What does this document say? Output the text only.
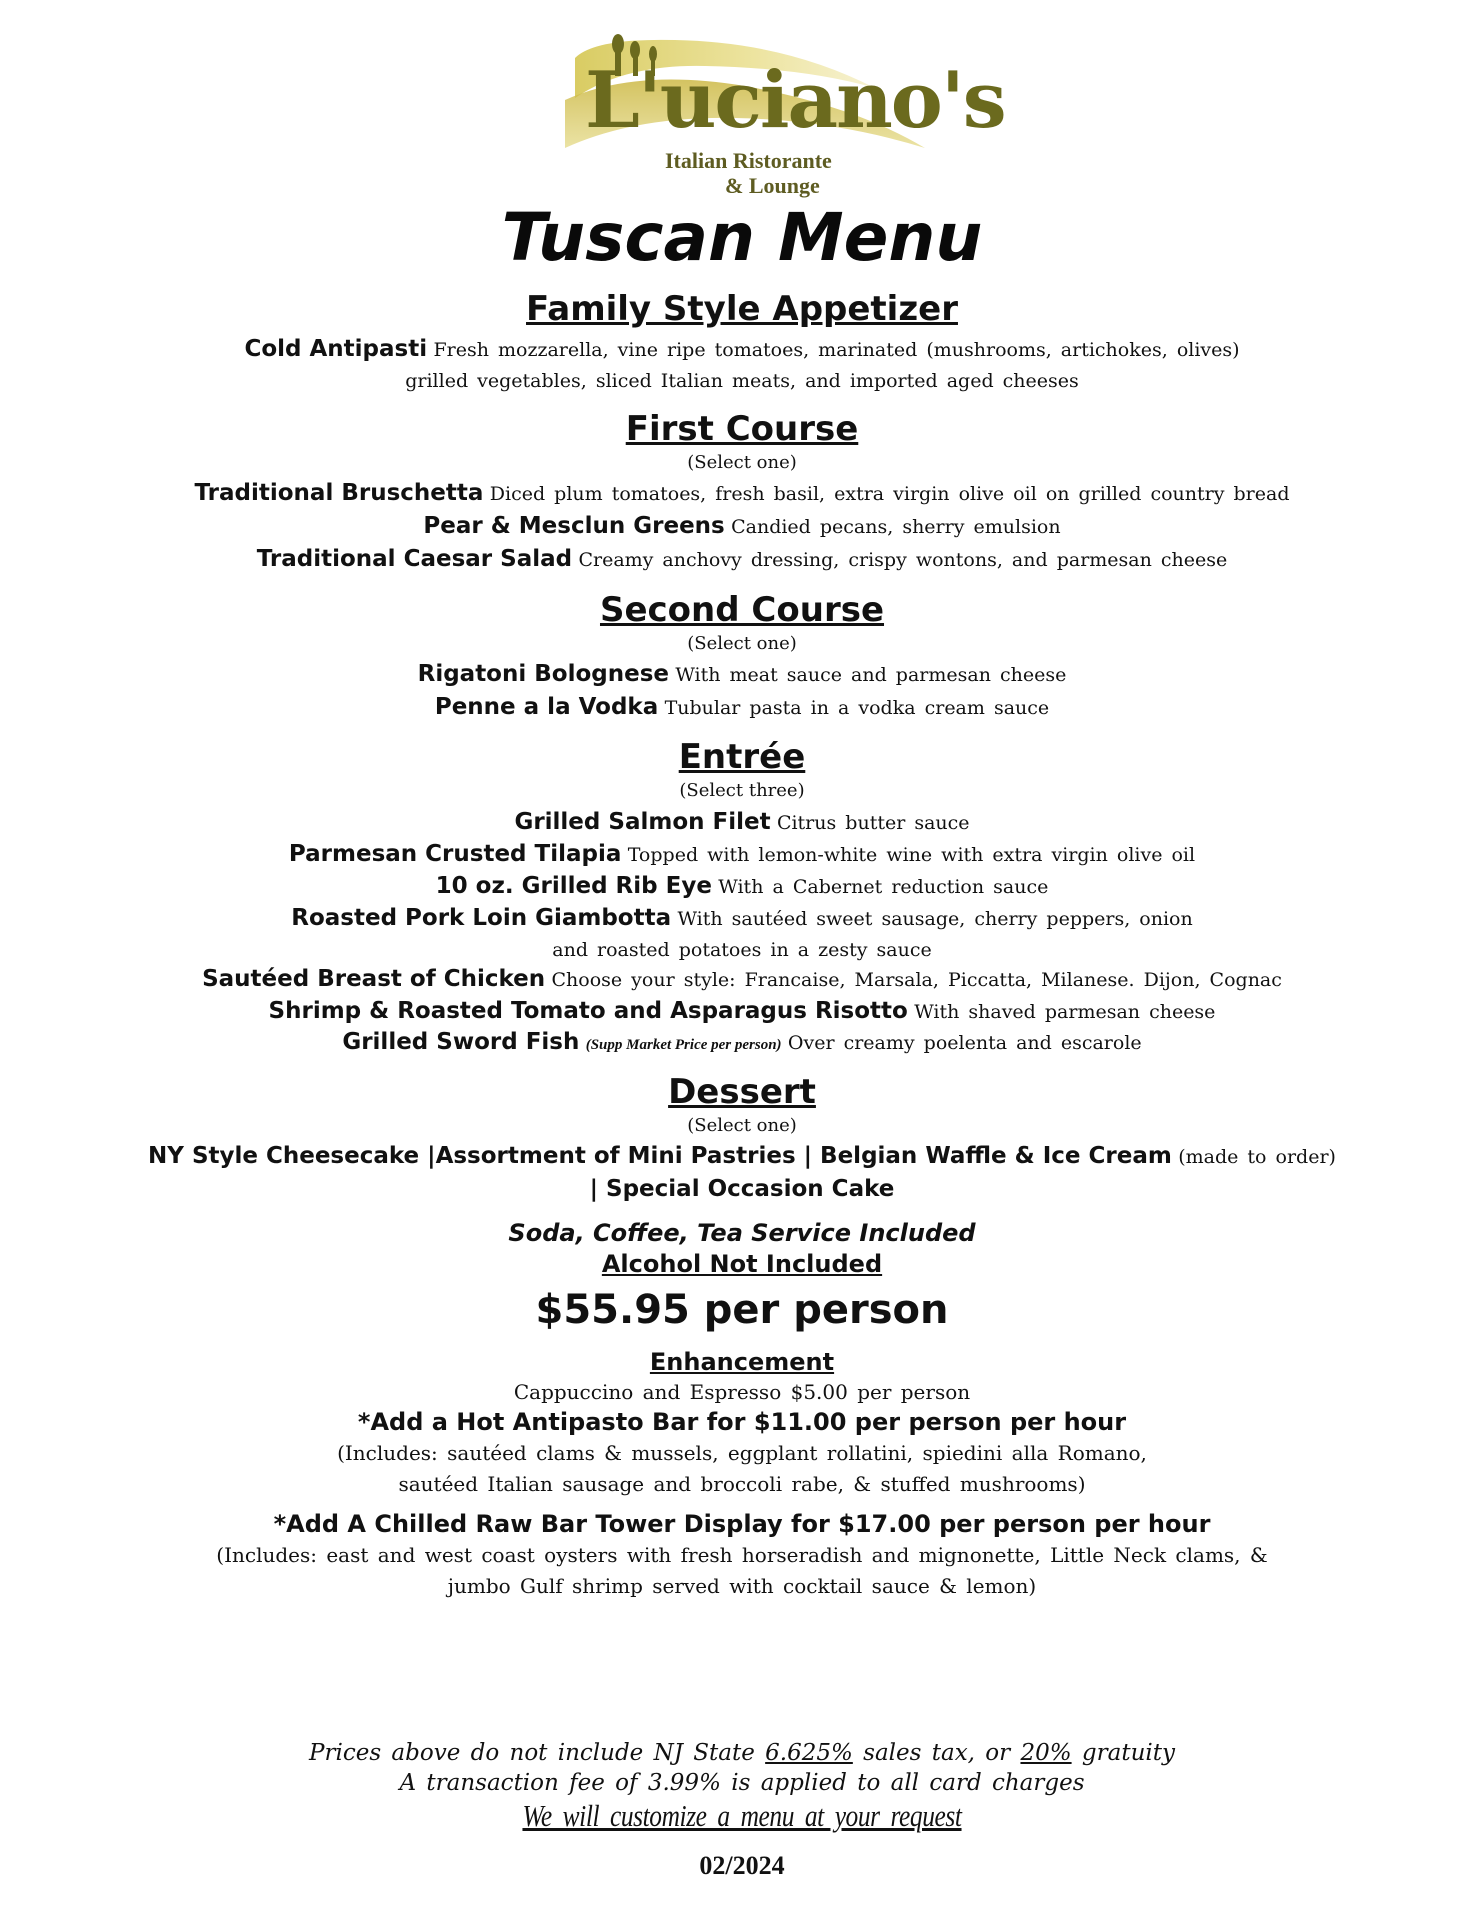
L'uciano's
Italian Ristorante
& Lounge
Tuscan Menu
Family Style Appetizer
Cold Antipasti Fresh mozzarella, vine ripe tomatoes, marinated (mushrooms, artichokes, olives)
grilled vegetables, sliced Italian meats, and imported aged cheeses
First Course
(Select one)
Traditional Bruschetta Diced plum tomatoes, fresh basil, extra virgin olive oil on grilled country bread
Pear & Mesclun Greens Candied pecans, sherry emulsion
Traditional Caesar Salad Creamy anchovy dressing, crispy wontons, and parmesan cheese
Second Course
(Select one)
Rigatoni Bolognese With meat sauce and parmesan cheese
Penne a la Vodka Tubular pasta in a vodka cream sauce
Entrée
(Select three)
Grilled Salmon Filet Citrus butter sauce
Parmesan Crusted Tilapia Topped with lemon-white wine with extra virgin olive oil
10 oz. Grilled Rib Eye With a Cabernet reduction sauce
Roasted Pork Loin Giambotta With sautéed sweet sausage, cherry peppers, onion
and roasted potatoes in a zesty sauce
Sautéed Breast of Chicken Choose your style: Francaise, Marsala, Piccatta, Milanese. Dijon, Cognac
Shrimp & Roasted Tomato and Asparagus Risotto With shaved parmesan cheese
Grilled Sword Fish (Supp Market Price per person) Over creamy poelenta and escarole
Dessert
(Select one)
NY Style Cheesecake |Assortment of Mini Pastries | Belgian Waffle & Ice Cream (made to order)
| Special Occasion Cake
Soda, Coffee, Tea Service Included
Alcohol Not Included
$55.95 per person
Enhancement
Cappuccino and Espresso $5.00 per person
*Add a Hot Antipasto Bar for $11.00 per person per hour
(Includes: sautéed clams & mussels, eggplant rollatini, spiedini alla Romano,
sautéed Italian sausage and broccoli rabe, & stuffed mushrooms)
*Add A Chilled Raw Bar Tower Display for $17.00 per person per hour
(Includes: east and west coast oysters with fresh horseradish and mignonette, Little Neck clams, &
jumbo Gulf shrimp served with cocktail sauce & lemon)
Prices above do not include NJ State 6.625% sales tax, or 20% gratuity
A transaction fee of 3.99% is applied to all card charges
We will customize a menu at your request
02/2024
